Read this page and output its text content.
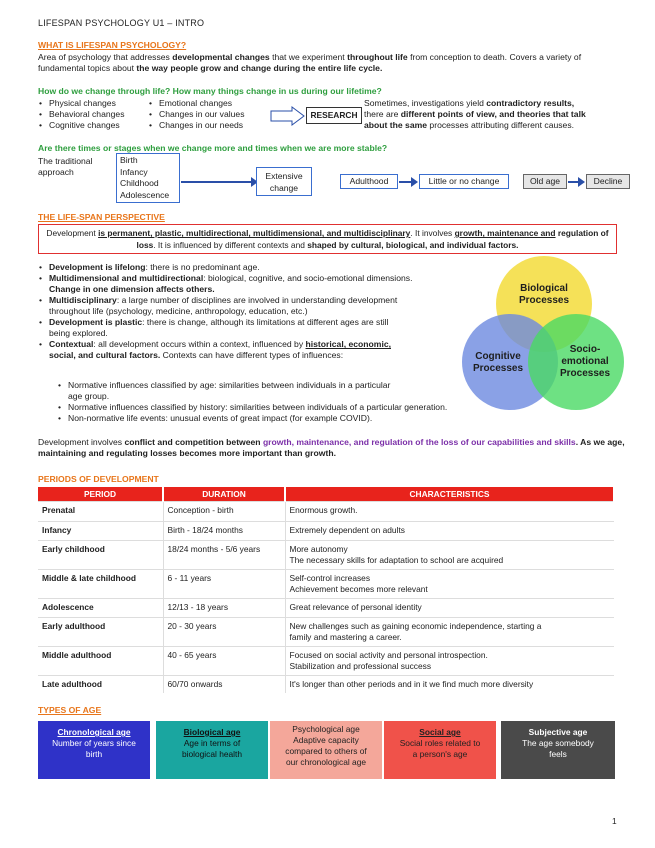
LIFESPAN PSYCHOLOGY U1 – INTRO
WHAT IS LIFESPAN PSYCHOLOGY?
Area of psychology that addresses developmental changes that we experiment throughout life from conception to death. Covers a variety of fundamental topics about the way people grow and change during the entire life cycle.
How do we change through life? How many things change in us during our lifetime?
• Physical changes
• Behavioral changes
• Cognitive changes
• Emotional changes
• Changes in our values
• Changes in our needs
RESEARCH
Sometimes, investigations yield contradictory results,
there are different points of view, and theories that talk
about the same processes attributing different causes.
Are there times or stages when we change more and times when we are more stable?
The traditional
approach
Birth
Infancy
Childhood
Adolescence
Extensive
change
Adulthood	Little or no change	Old age	Decline
THE LIFE-SPAN PERSPECTIVE
Development is permanent, plastic, multidirectional, multidimensional, and multidisciplinary. It involves growth, maintenance and regulation of loss. It is influenced by different contexts and shaped by cultural, biological, and individual factors.
• Development is lifelong: there is no predominant age.
• Multidimensional and multidirectional: biological, cognitive, and socio-emotional dimensions.
Change in one dimension affects others.
• Multidisciplinary: a large number of disciplines are involved in understanding development
throughout life (psychology, medicine, anthropology, education, etc.)
• Development is plastic: there is change, although its limitations at different ages are still
being explored.
• Contextual: all development occurs within a context, influenced by historical, economic,
social, and cultural factors. Contexts can have different types of influences:
• Normative influences classified by age: similarities between individuals in a particular
age group.
• Normative influences classified by history: similarities between individuals of a particular generation.
• Non-normative life events: unusual events of great impact (for example COVID).
Biological
Processes
Cognitive
Processes
Socio-
emotional
Processes
Development involves conflict and competition between growth, maintenance, and regulation of the loss of our capabilities and skills. As we age, maintaining and regulating losses becomes more important than growth.
PERIODS OF DEVELOPMENT
PERIOD	DURATION	CHARACTERISTICS
Prenatal	Conception - birth	Enormous growth.

Infancy	Birth - 18/24 months	Extremely dependent on adults

Early childhood	18/24 months - 5/6 years	More autonomy
The necessary skills for adaptation to school are acquired

Middle & late childhood	6 - 11 years	Self-control increases
Achievement becomes more relevant

Adolescence	12/13 - 18 years	Great relevance of personal identity

Early adulthood	20 - 30 years	New challenges such as gaining economic independence, starting a
family and mastering a career.

Middle adulthood	40 - 65 years	Focused on social activity and personal introspection.
Stabilization and professional success

Late adulthood	60/70 onwards	It's longer than other periods and in it we find much more diversity
TYPES OF AGE
Chronological age
Number of years since
birth
Biological age
Age in terms of
biological health
Psychological age
Adaptive capacity
compared to others of
our chronological age
Social age
Social roles related to
a person's age
Subjective age
The age somebody
feels
1
